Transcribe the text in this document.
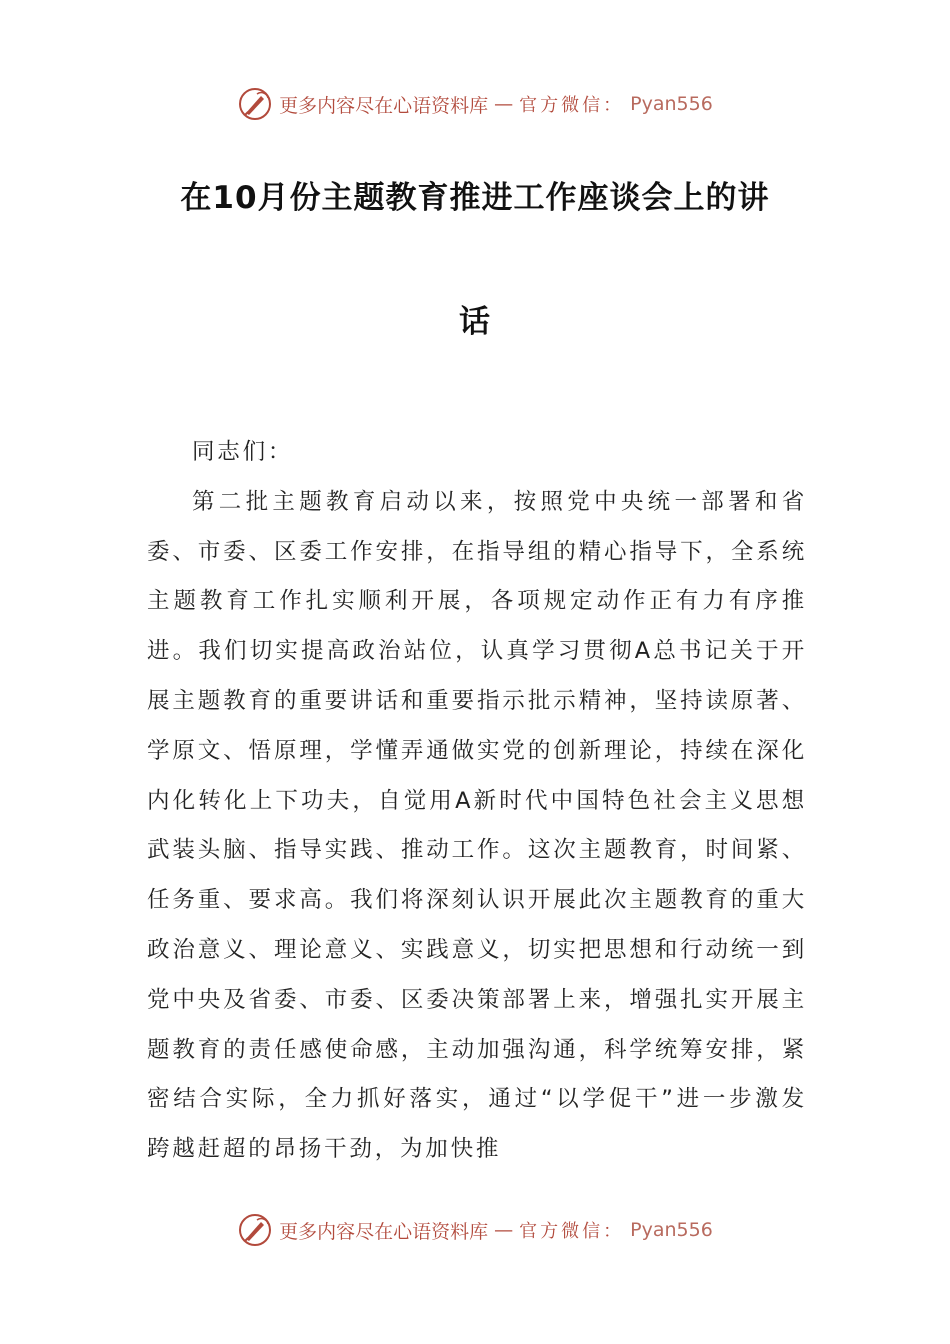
更多内容尽在心语资料库 — 官方微信： Pyan556
在10月份主题教育推进工作座谈会上的讲
话

同志们：

第二批主题教育启动以来，按照党中央统一部署和省委、市委、区委工作安排，在指导组的精心指导下，全系统主题教育工作扎实顺利开展，各项规定动作正有力有序推进。我们切实提高政治站位，认真学习贯彻A总书记关于开展主题教育的重要讲话和重要指示批示精神，坚持读原著、学原文、悟原理，学懂弄通做实党的创新理论，持续在深化内化转化上下功夫，自觉用A新时代中国特色社会主义思想武装头脑、指导实践、推动工作。这次主题教育，时间紧、任务重、要求高。我们将深刻认识开展此次主题教育的重大政治意义、理论意义、实践意义，切实把思想和行动统一到党中央及省委、市委、区委决策部署上来，增强扎实开展主题教育的责任感使命感，主动加强沟通，科学统筹安排，紧密结合实际，全力抓好落实，通过“以学促干”进一步激发跨越赶超的昂扬干劲，为加快推

更多内容尽在心语资料库 — 官方微信： Pyan556
